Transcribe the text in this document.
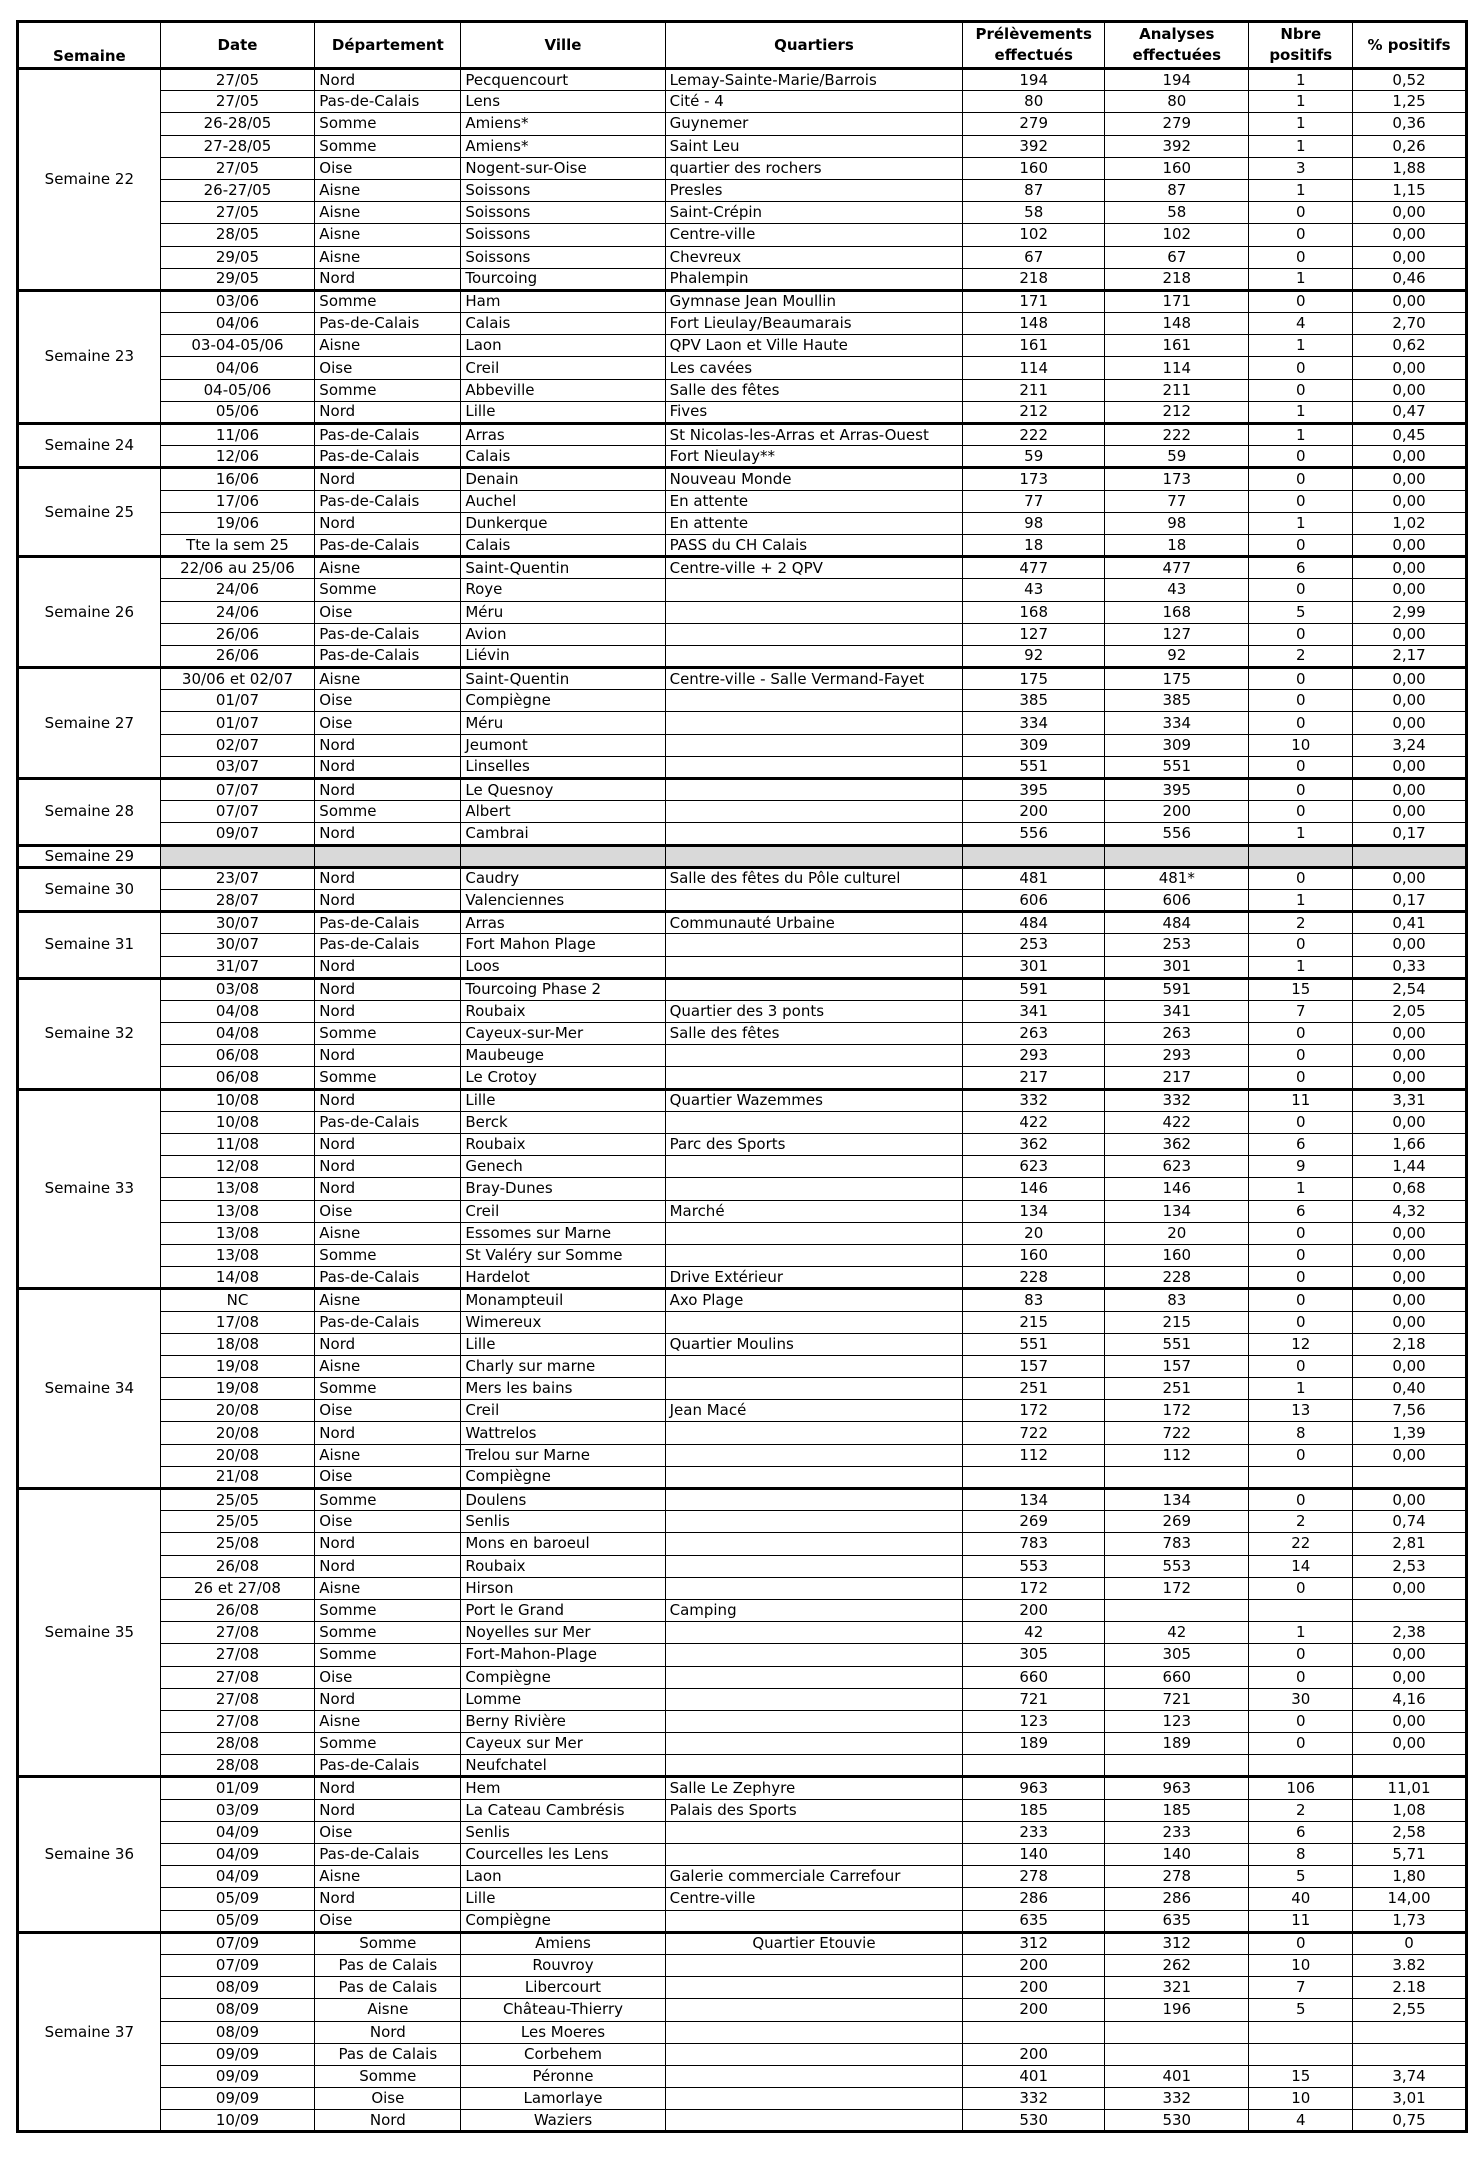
Semaine	Date	Département	Ville	Quartiers	Prélèvements effectués	Analyses effectuées	Nbre positifs	% positifs
Semaine 22	27/05	Nord	Pecquencourt	Lemay-Sainte-Marie/Barrois	194	194	1	0,52
	27/05	Pas-de-Calais	Lens	Cité - 4	80	80	1	1,25
	26-28/05	Somme	Amiens*	Guynemer	279	279	1	0,36
	27-28/05	Somme	Amiens*	Saint Leu	392	392	1	0,26
	27/05	Oise	Nogent-sur-Oise	quartier des rochers	160	160	3	1,88
	26-27/05	Aisne	Soissons	Presles	87	87	1	1,15
	27/05	Aisne	Soissons	Saint-Crépin	58	58	0	0,00
	28/05	Aisne	Soissons	Centre-ville	102	102	0	0,00
	29/05	Aisne	Soissons	Chevreux	67	67	0	0,00
	29/05	Nord	Tourcoing	Phalempin	218	218	1	0,46
Semaine 23	03/06	Somme	Ham	Gymnase Jean Moullin	171	171	0	0,00
	04/06	Pas-de-Calais	Calais	Fort Lieulay/Beaumarais	148	148	4	2,70
	03-04-05/06	Aisne	Laon	QPV Laon et Ville Haute	161	161	1	0,62
	04/06	Oise	Creil	Les cavées	114	114	0	0,00
	04-05/06	Somme	Abbeville	Salle des fêtes	211	211	0	0,00
	05/06	Nord	Lille	Fives	212	212	1	0,47
Semaine 24	11/06	Pas-de-Calais	Arras	St Nicolas-les-Arras et Arras-Ouest	222	222	1	0,45
	12/06	Pas-de-Calais	Calais	Fort Nieulay**	59	59	0	0,00
Semaine 25	16/06	Nord	Denain	Nouveau Monde	173	173	0	0,00
	17/06	Pas-de-Calais	Auchel	En attente	77	77	0	0,00
	19/06	Nord	Dunkerque	En attente	98	98	1	1,02
	Tte la sem 25	Pas-de-Calais	Calais	PASS du CH Calais	18	18	0	0,00
Semaine 26	22/06 au 25/06	Aisne	Saint-Quentin	Centre-ville + 2 QPV	477	477	6	0,00
	24/06	Somme	Roye		43	43	0	0,00
	24/06	Oise	Méru		168	168	5	2,99
	26/06	Pas-de-Calais	Avion		127	127	0	0,00
	26/06	Pas-de-Calais	Liévin		92	92	2	2,17
Semaine 27	30/06 et 02/07	Aisne	Saint-Quentin	Centre-ville - Salle Vermand-Fayet	175	175	0	0,00
	01/07	Oise	Compiègne		385	385	0	0,00
	01/07	Oise	Méru		334	334	0	0,00
	02/07	Nord	Jeumont		309	309	10	3,24
	03/07	Nord	Linselles		551	551	0	0,00
Semaine 28	07/07	Nord	Le Quesnoy		395	395	0	0,00
	07/07	Somme	Albert		200	200	0	0,00
	09/07	Nord	Cambrai		556	556	1	0,17
Semaine 29								
Semaine 30	23/07	Nord	Caudry	Salle des fêtes du Pôle culturel	481	481*	0	0,00
	28/07	Nord	Valenciennes		606	606	1	0,17
Semaine 31	30/07	Pas-de-Calais	Arras	Communauté Urbaine	484	484	2	0,41
	30/07	Pas-de-Calais	Fort Mahon Plage		253	253	0	0,00
	31/07	Nord	Loos		301	301	1	0,33
Semaine 32	03/08	Nord	Tourcoing Phase 2		591	591	15	2,54
	04/08	Nord	Roubaix	Quartier des 3 ponts	341	341	7	2,05
	04/08	Somme	Cayeux-sur-Mer	Salle des fêtes	263	263	0	0,00
	06/08	Nord	Maubeuge		293	293	0	0,00
	06/08	Somme	Le Crotoy		217	217	0	0,00
Semaine 33	10/08	Nord	Lille	Quartier Wazemmes	332	332	11	3,31
	10/08	Pas-de-Calais	Berck		422	422	0	0,00
	11/08	Nord	Roubaix	Parc des Sports	362	362	6	1,66
	12/08	Nord	Genech		623	623	9	1,44
	13/08	Nord	Bray-Dunes		146	146	1	0,68
	13/08	Oise	Creil	Marché	134	134	6	4,32
	13/08	Aisne	Essomes sur Marne		20	20	0	0,00
	13/08	Somme	St Valéry sur Somme		160	160	0	0,00
	14/08	Pas-de-Calais	Hardelot	Drive Extérieur	228	228	0	0,00
Semaine 34	NC	Aisne	Monampteuil	Axo Plage	83	83	0	0,00
	17/08	Pas-de-Calais	Wimereux		215	215	0	0,00
	18/08	Nord	Lille	Quartier Moulins	551	551	12	2,18
	19/08	Aisne	Charly sur marne		157	157	0	0,00
	19/08	Somme	Mers les bains		251	251	1	0,40
	20/08	Oise	Creil	Jean Macé	172	172	13	7,56
	20/08	Nord	Wattrelos		722	722	8	1,39
	20/08	Aisne	Trelou sur Marne		112	112	0	0,00
	21/08	Oise	Compiègne					
Semaine 35	25/05	Somme	Doulens		134	134	0	0,00
	25/05	Oise	Senlis		269	269	2	0,74
	25/08	Nord	Mons en baroeul		783	783	22	2,81
	26/08	Nord	Roubaix		553	553	14	2,53
	26 et 27/08	Aisne	Hirson		172	172	0	0,00
	26/08	Somme	Port le Grand	Camping	200			
	27/08	Somme	Noyelles sur Mer		42	42	1	2,38
	27/08	Somme	Fort-Mahon-Plage		305	305	0	0,00
	27/08	Oise	Compiègne		660	660	0	0,00
	27/08	Nord	Lomme		721	721	30	4,16
	27/08	Aisne	Berny Rivière		123	123	0	0,00
	28/08	Somme	Cayeux sur Mer		189	189	0	0,00
	28/08	Pas-de-Calais	Neufchatel					
Semaine 36	01/09	Nord	Hem	Salle Le Zephyre	963	963	106	11,01
	03/09	Nord	La Cateau Cambrésis	Palais des Sports	185	185	2	1,08
	04/09	Oise	Senlis		233	233	6	2,58
	04/09	Pas-de-Calais	Courcelles les Lens		140	140	8	5,71
	04/09	Aisne	Laon	Galerie commerciale Carrefour	278	278	5	1,80
	05/09	Nord	Lille	Centre-ville	286	286	40	14,00
	05/09	Oise	Compiègne		635	635	11	1,73
Semaine 37	07/09	Somme	Amiens	Quartier Etouvie	312	312	0	0
	07/09	Pas de Calais	Rouvroy		200	262	10	3.82
	08/09	Pas de Calais	Libercourt		200	321	7	2.18
	08/09	Aisne	Château-Thierry		200	196	5	2,55
	08/09	Nord	Les Moeres					
	09/09	Pas de Calais	Corbehem		200			
	09/09	Somme	Péronne		401	401	15	3,74
	09/09	Oise	Lamorlaye		332	332	10	3,01
	10/09	Nord	Waziers		530	530	4	0,75
